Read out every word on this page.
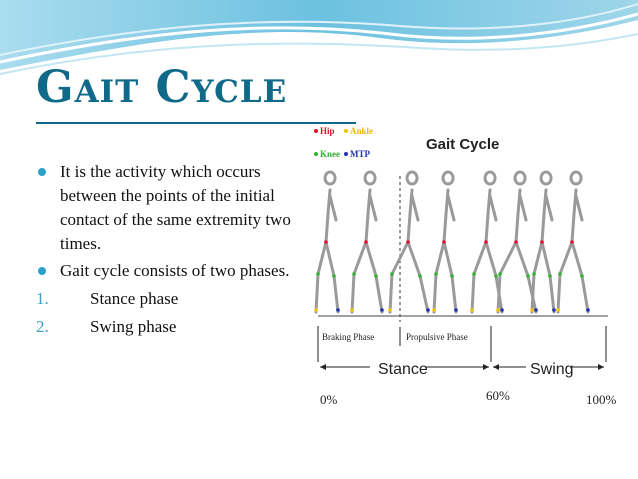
Gait Cycle
It is the activity which occurs between the points of the initial contact of the same extremity two times.
Gait cycle consists of two phases.
1. Stance phase
2. Swing phase
Hip Ankle
Knee MTP
Gait Cycle
Braking Phase	Propulsive Phase
Stance	Swing
0%	60%	100%
